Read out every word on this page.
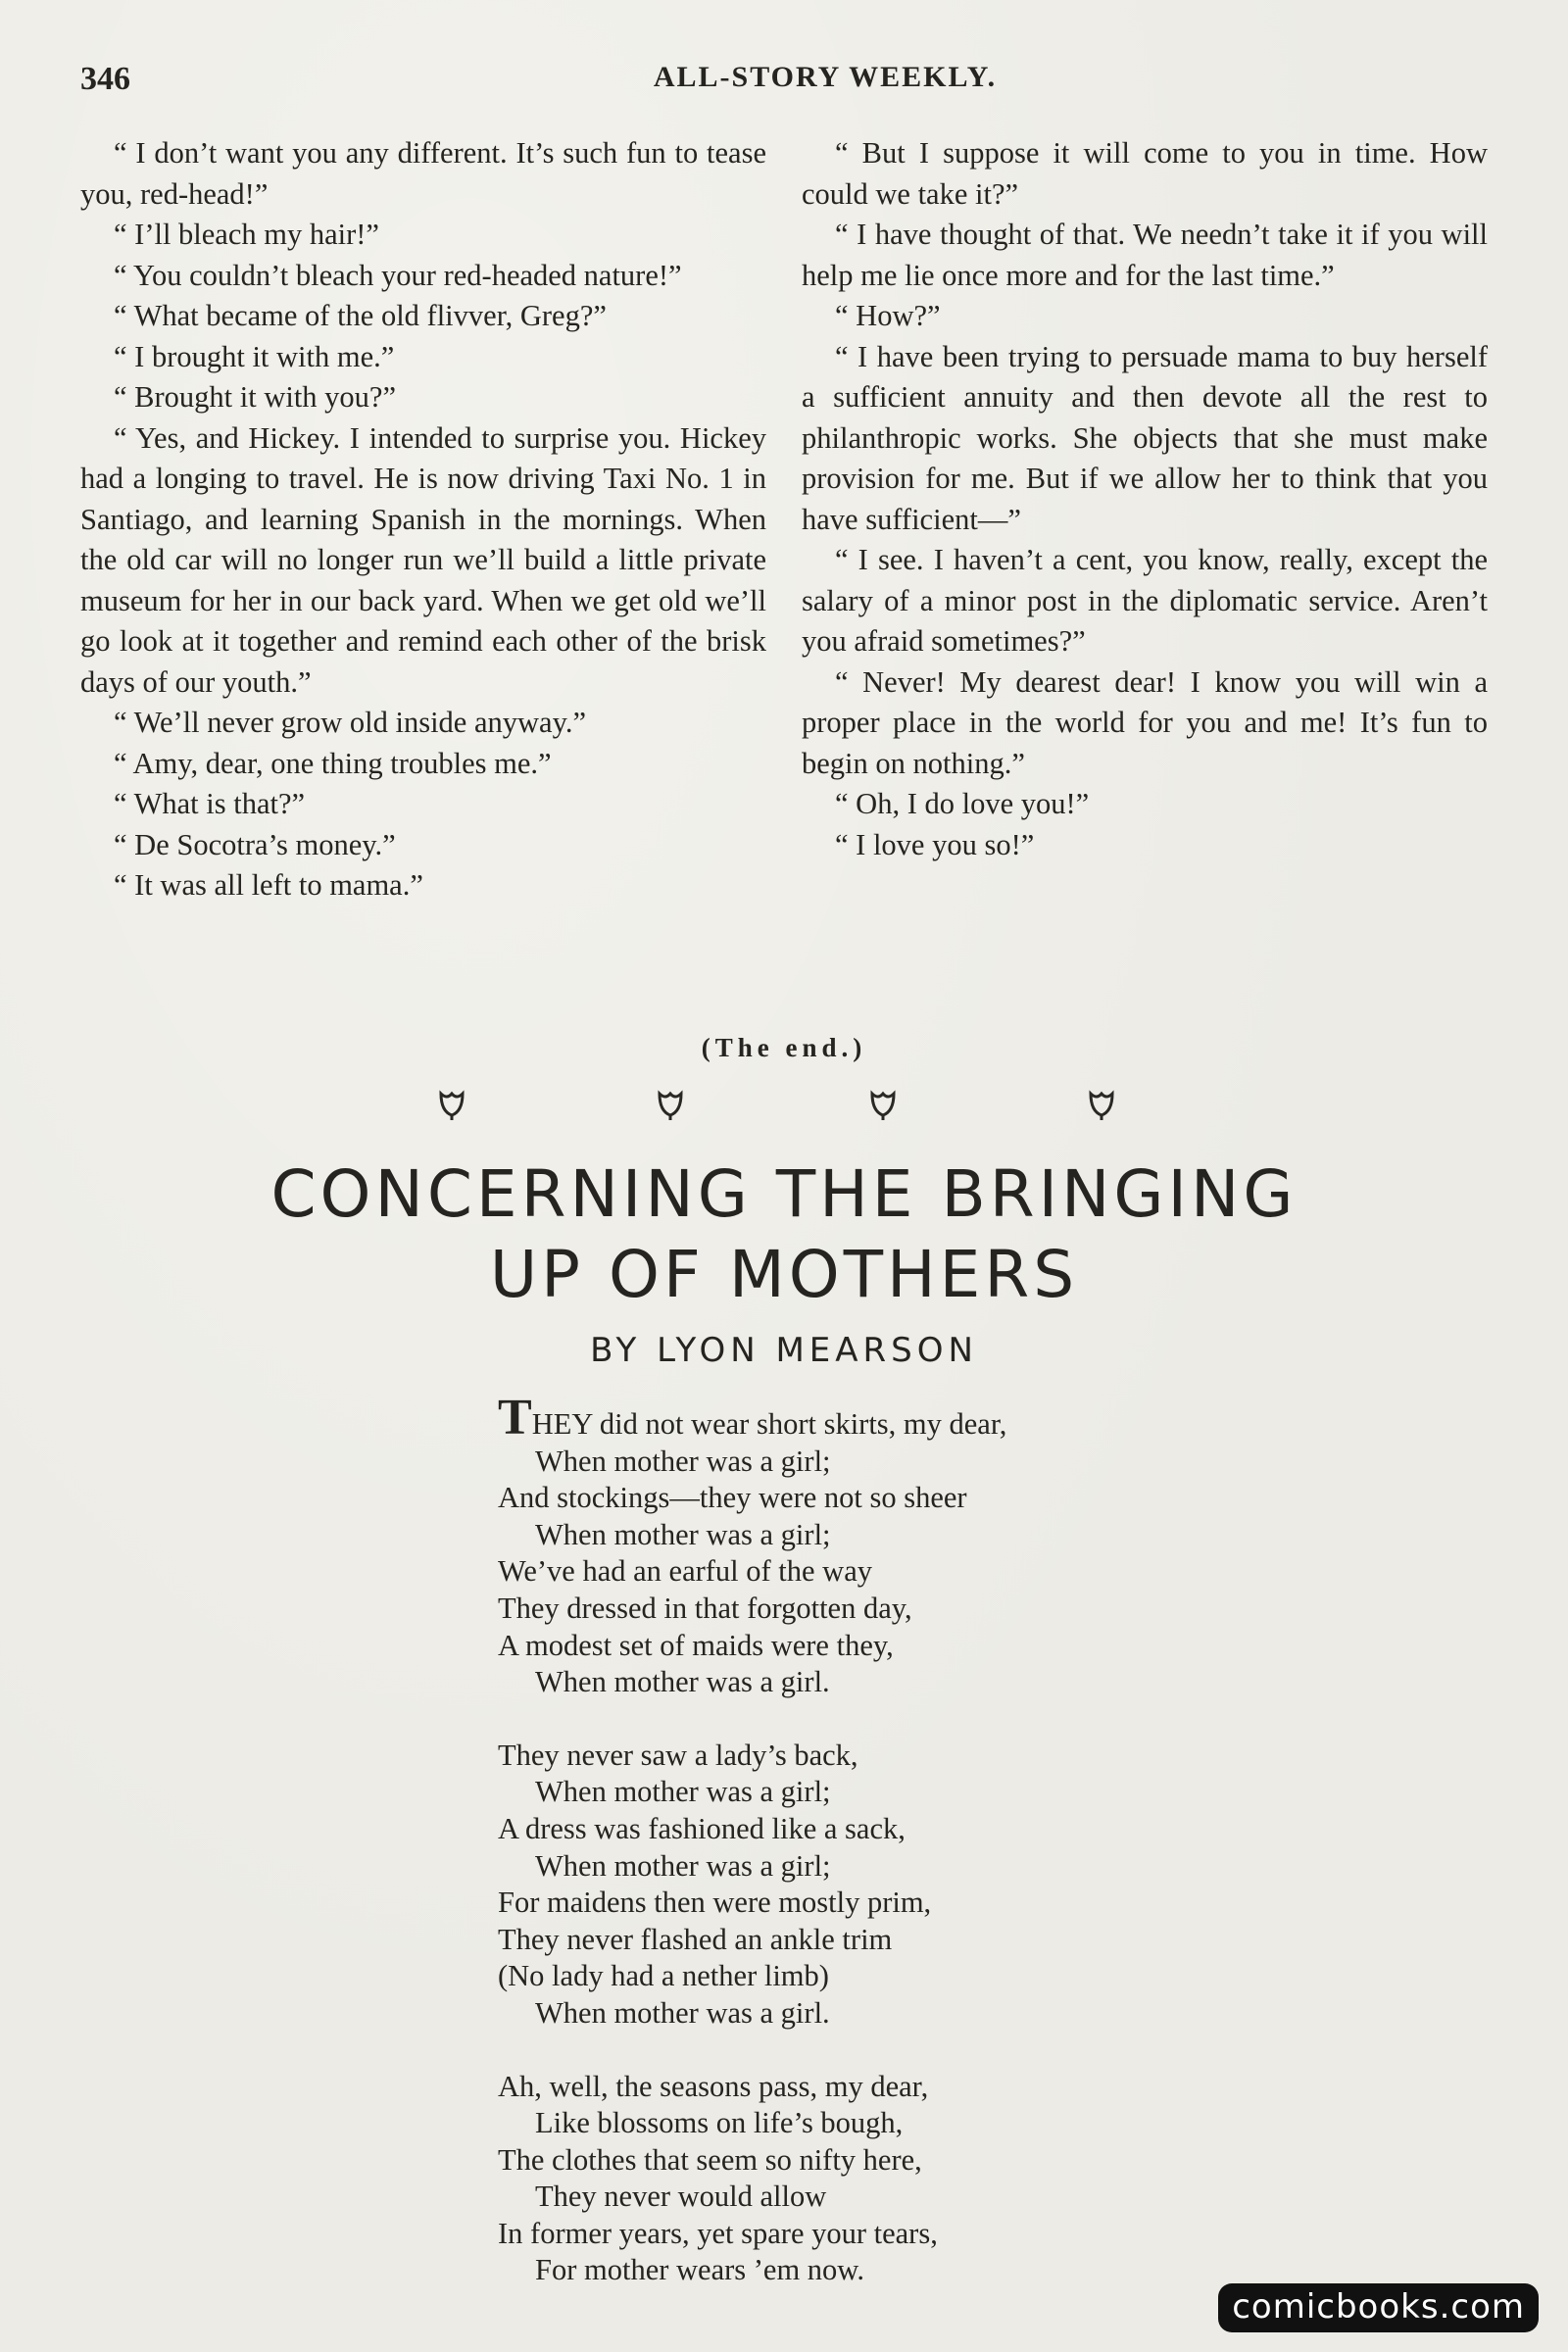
346	ALL-STORY WEEKLY.

“ I don’t want you any different. It’s such fun to tease you, red-head!”

“ I’ll bleach my hair!”

“ You couldn’t bleach your red-headed nature!”

“ What became of the old flivver, Greg?”

“ I brought it with me.”

“ Brought it with you?”

“ Yes, and Hickey. I intended to surprise you. Hickey had a longing to travel. He is now driving Taxi No. 1 in Santiago, and learning Spanish in the mornings. When the old car will no longer run we’ll build a little private museum for her in our back yard. When we get old we’ll go look at it together and remind each other of the brisk days of our youth.”

“ We’ll never grow old inside anyway.”

“ Amy, dear, one thing troubles me.”

“ What is that?”

“ De Socotra’s money.”

“ It was all left to mama.”

“ But I suppose it will come to you in time. How could we take it?”

“ I have thought of that. We needn’t take it if you will help me lie once more and for the last time.”

“ How?”

“ I have been trying to persuade mama to buy herself a sufficient annuity and then devote all the rest to philanthropic works. She objects that she must make provision for me. But if we allow her to think that you have sufficient—”

“ I see. I haven’t a cent, you know, really, except the salary of a minor post in the diplomatic service. Aren’t you afraid sometimes?”

“ Never! My dearest dear! I know you will win a proper place in the world for you and me! It’s fun to begin on nothing.”

“ Oh, I do love you!”

“ I love you so!”

(The end.)
CONCERNING THE BRINGING
UP OF MOTHERS
BY LYON MEARSON
THEY did not wear short skirts, my dear,
When mother was a girl;
And stockings—they were not so sheer
When mother was a girl;
We’ve had an earful of the way
They dressed in that forgotten day,
A modest set of maids were they,
When mother was a girl.
They never saw a lady’s back,
When mother was a girl;
A dress was fashioned like a sack,
When mother was a girl;
For maidens then were mostly prim,
They never flashed an ankle trim
(No lady had a nether limb)
When mother was a girl.
Ah, well, the seasons pass, my dear,
Like blossoms on life’s bough,
The clothes that seem so nifty here,
They never would allow
In former years, yet spare your tears,
For mother wears ’em now.
comicbooks.com
